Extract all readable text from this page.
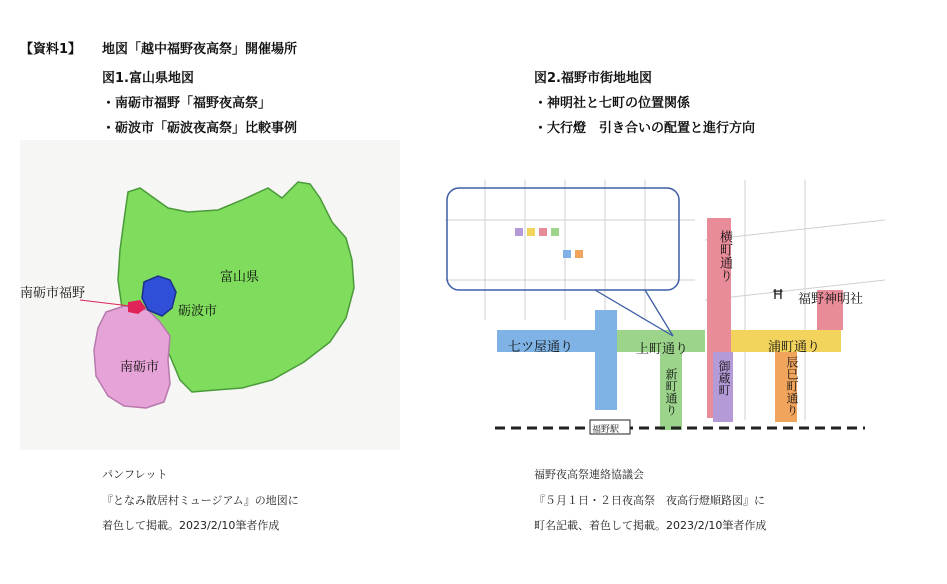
【資料1】 地図「越中福野夜高祭」開催場所
図1.富山県地図
・南砺市福野「福野夜高祭」
・砺波市「砺波夜高祭」比較事例
図2.福野市街地地図
・神明社と七町の位置関係
・大行燈　引き合いの配置と進行方向
富山県
砺波市
南砺市
南砺市福野
横町通り
Ħ 福野神明社
七ツ屋通り	上町通り	浦町通り
新町通り	御蔵町	辰巳町通り
福野駅
パンフレット
『となみ散居村ミュージアム』の地図に
着色して掲載。2023/2/10筆者作成
福野夜高祭連絡協議会
『５月１日・２日夜高祭　夜高行燈順路図』に
町名記載、着色して掲載。2023/2/10筆者作成
